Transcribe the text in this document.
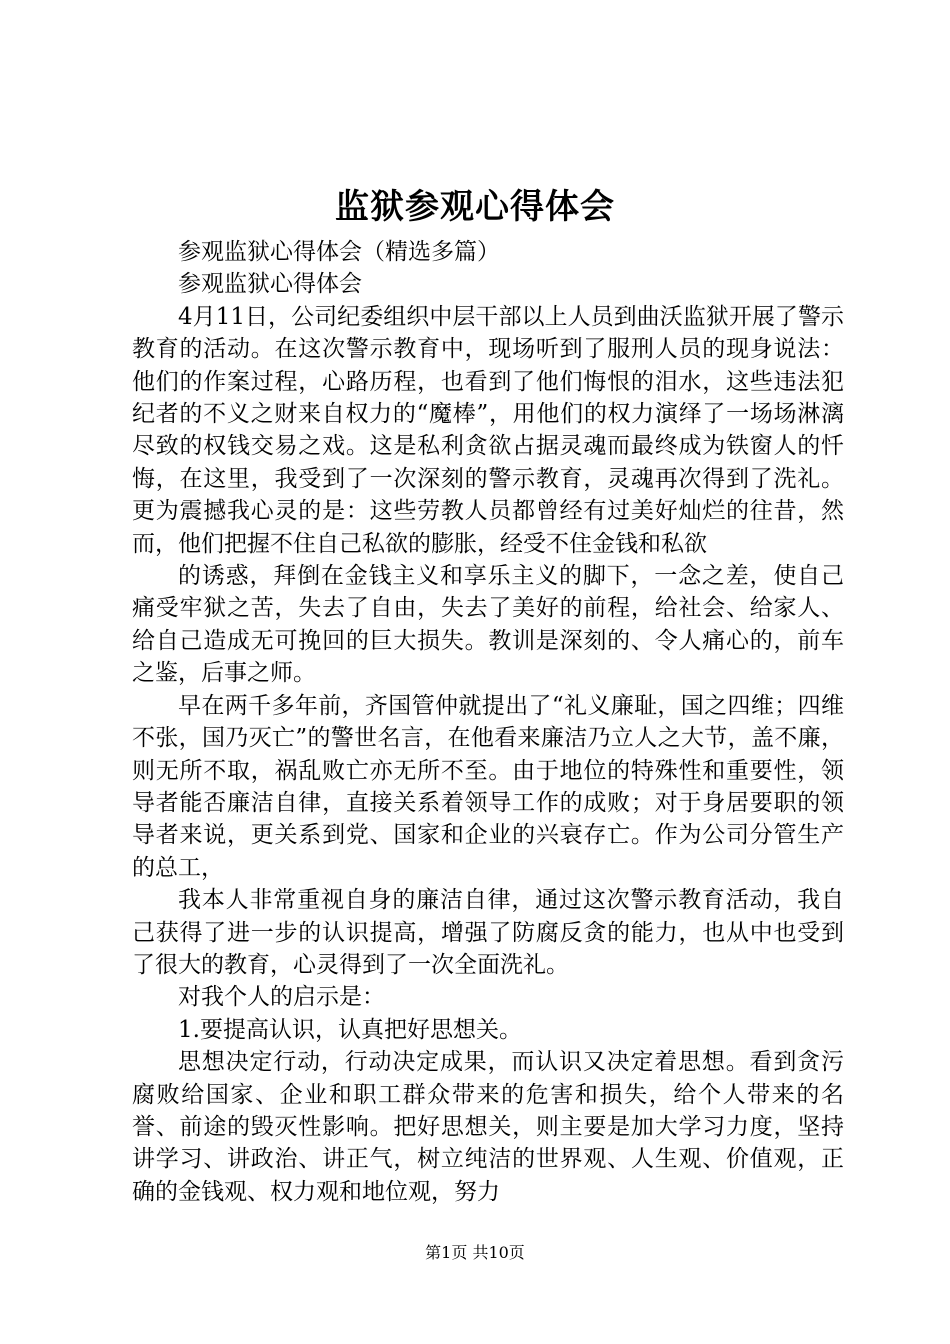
监狱参观心得体会

参观监狱心得体会（精选多篇）

参观监狱心得体会

4月11日，公司纪委组织中层干部以上人员到曲沃监狱开展了警示教育的活动。在这次警示教育中，现场听到了服刑人员的现身说法：他们的作案过程，心路历程，也看到了他们悔恨的泪水，这些违法犯纪者的不义之财来自权力的“魔棒”，用他们的权力演绎了一场场淋漓尽致的权钱交易之戏。这是私利贪欲占据灵魂而最终成为铁窗人的忏悔，在这里，我受到了一次深刻的警示教育，灵魂再次得到了洗礼。更为震撼我心灵的是：这些劳教人员都曾经有过美好灿烂的往昔，然而，他们把握不住自己私欲的膨胀，经受不住金钱和私欲

的诱惑，拜倒在金钱主义和享乐主义的脚下，一念之差，使自己痛受牢狱之苦，失去了自由，失去了美好的前程，给社会、给家人、给自己造成无可挽回的巨大损失。教训是深刻的、令人痛心的，前车之鉴，后事之师。

早在两千多年前，齐国管仲就提出了“礼义廉耻，国之四维；四维不张，国乃灭亡”的警世名言，在他看来廉洁乃立人之大节，盖不廉，则无所不取，祸乱败亡亦无所不至。由于地位的特殊性和重要性，领导者能否廉洁自律，直接关系着领导工作的成败；对于身居要职的领导者来说，更关系到党、国家和企业的兴衰存亡。作为公司分管生产的总工，

我本人非常重视自身的廉洁自律，通过这次警示教育活动，我自己获得了进一步的认识提高，增强了防腐反贪的能力，也从中也受到了很大的教育，心灵得到了一次全面洗礼。

对我个人的启示是：

1.要提高认识，认真把好思想关。

思想决定行动，行动决定成果，而认识又决定着思想。看到贪污腐败给国家、企业和职工群众带来的危害和损失，给个人带来的名誉、前途的毁灭性影响。把好思想关，则主要是加大学习力度，坚持讲学习、讲政治、讲正气，树立纯洁的世界观、人生观、价值观，正确的金钱观、权力观和地位观，努力

第1页 共10页
